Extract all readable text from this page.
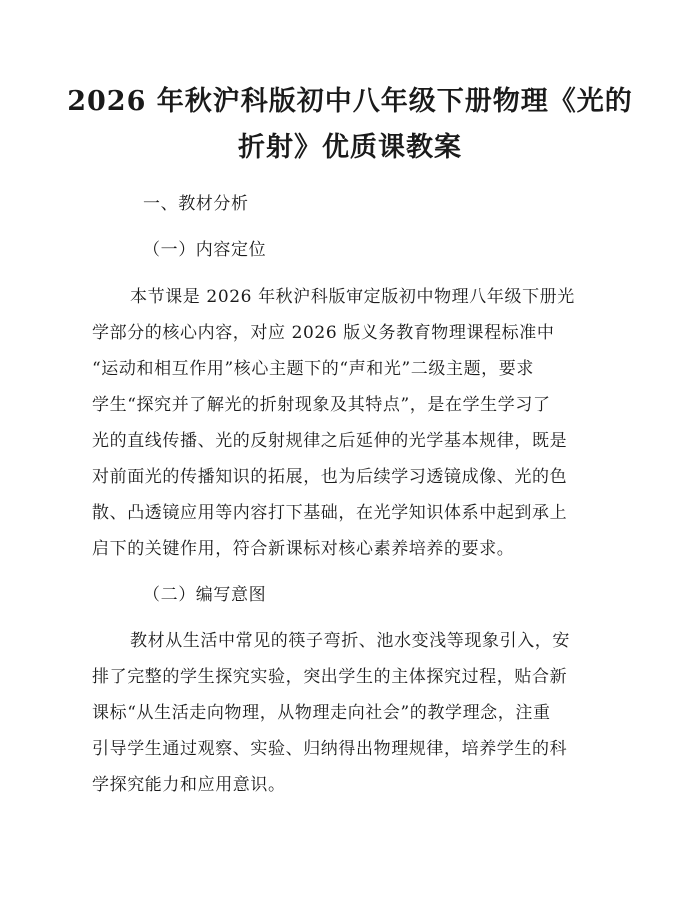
2026 年秋沪科版初中八年级下册物理《光的
折射》优质课教案

一、教材分析

（一）内容定位

本节课是 2026 年秋沪科版审定版初中物理八年级下册光

学部分的核心内容，对应 2026 版义务教育物理课程标准中

“运动和相互作用”核心主题下的“声和光”二级主题，要求

学生“探究并了解光的折射现象及其特点”，是在学生学习了

光的直线传播、光的反射规律之后延伸的光学基本规律，既是

对前面光的传播知识的拓展，也为后续学习透镜成像、光的色

散、凸透镜应用等内容打下基础，在光学知识体系中起到承上

启下的关键作用，符合新课标对核心素养培养的要求。

（二）编写意图

教材从生活中常见的筷子弯折、池水变浅等现象引入，安

排了完整的学生探究实验，突出学生的主体探究过程，贴合新

课标“从生活走向物理，从物理走向社会”的教学理念，注重

引导学生通过观察、实验、归纳得出物理规律，培养学生的科

学探究能力和应用意识。
